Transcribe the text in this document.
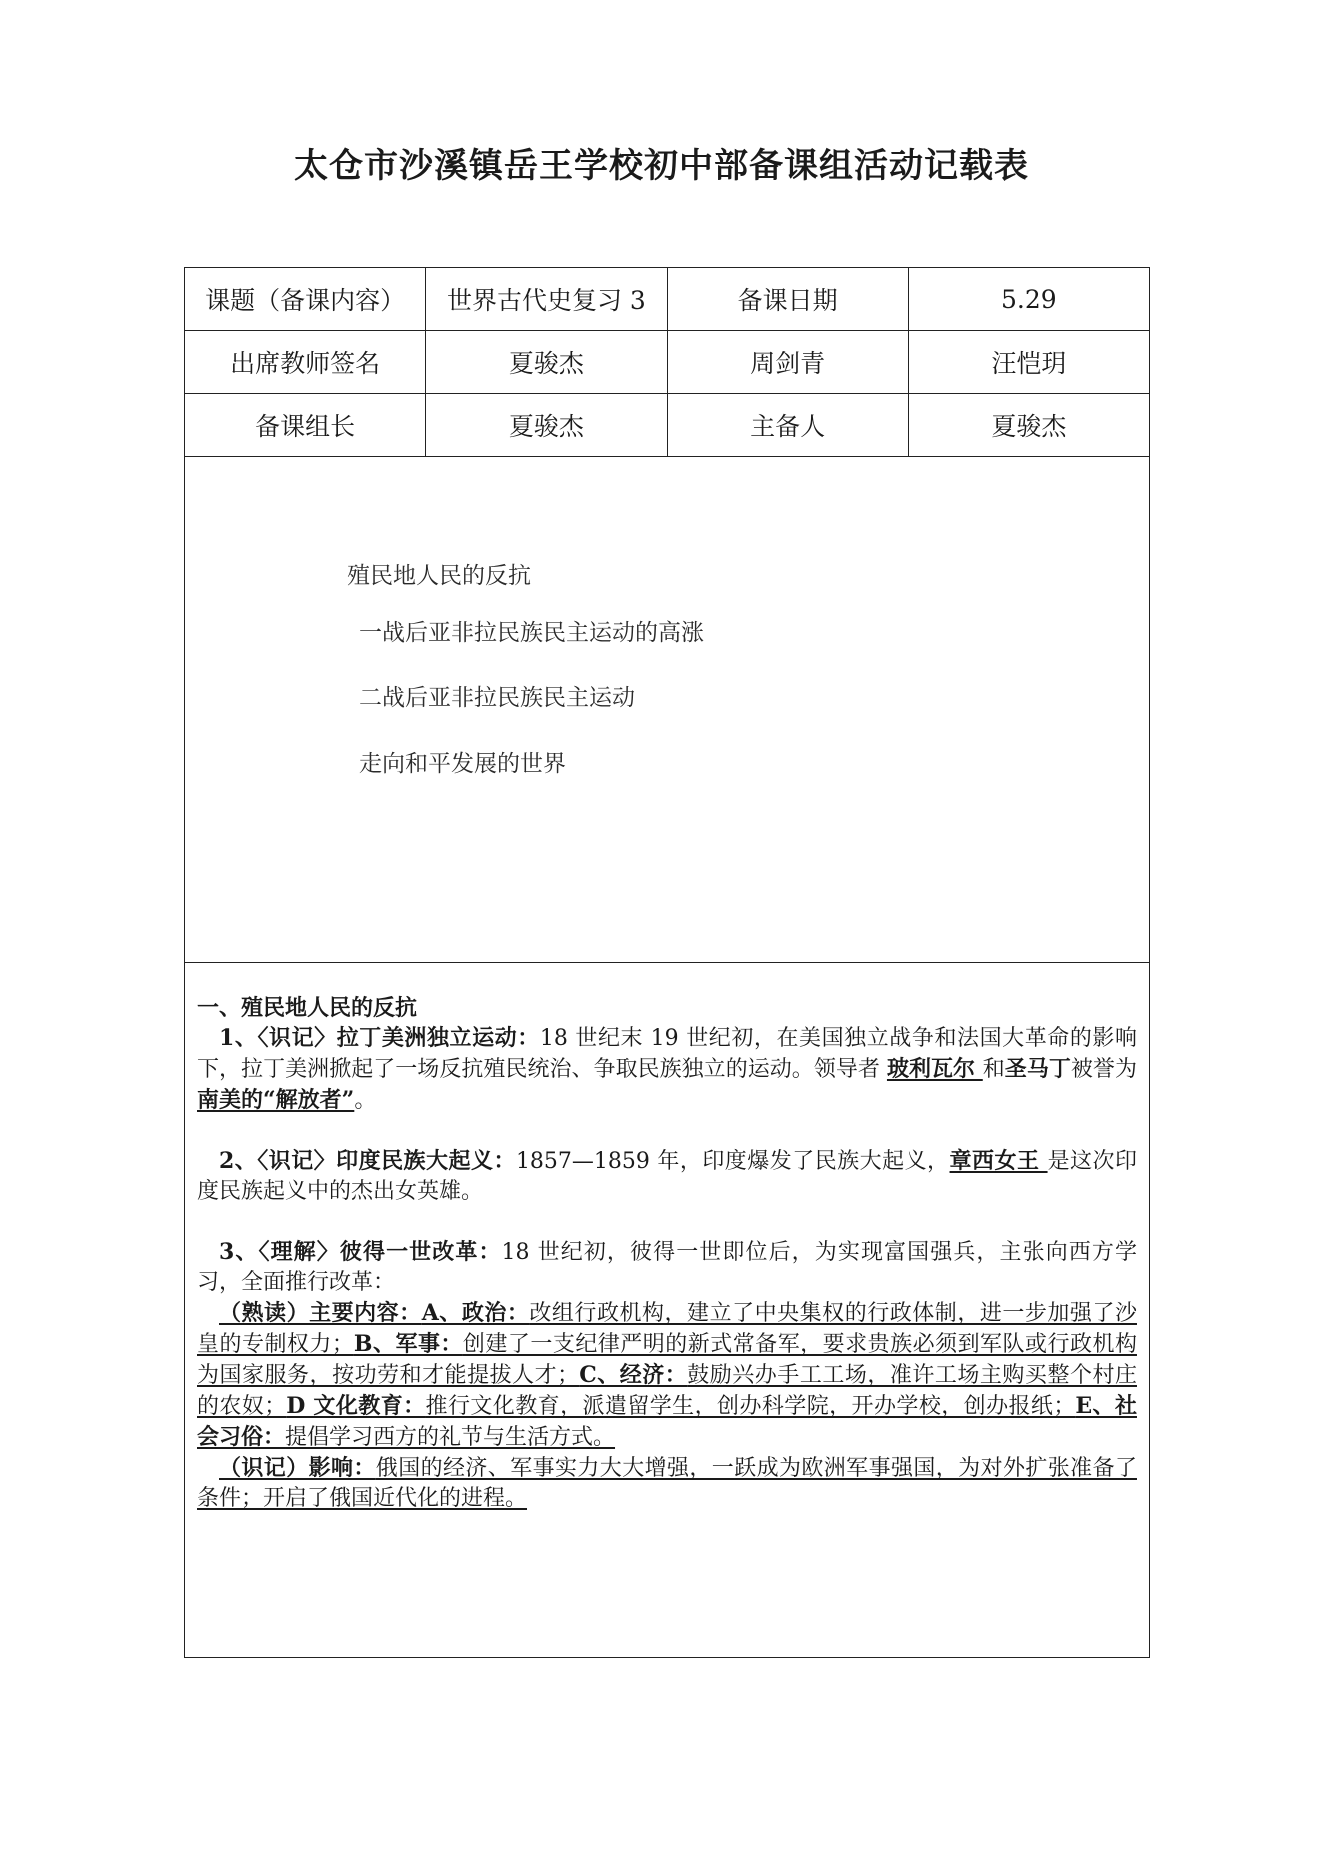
太仓市沙溪镇岳王学校初中部备课组活动记载表
课题（备课内容）	世界古代史复习 3	备课日期	5.29
出席教师签名	夏骏杰	周剑青	汪恺玥
备课组长	夏骏杰	主备人	夏骏杰
殖民地人民的反抗
一战后亚非拉民族民主运动的高涨
二战后亚非拉民族民主运动
走向和平发展的世界

一、殖民地人民的反抗

1、〈识记〉拉丁美洲独立运动：18 世纪末 19 世纪初，在美国独立战争和法国大革命的影响下，拉丁美洲掀起了一场反抗殖民统治、争取民族独立的运动。领导者 玻利瓦尔 和圣马丁被誉为南美的“解放者”。

2、〈识记〉印度民族大起义：1857—1859 年，印度爆发了民族大起义，章西女王 是这次印度民族起义中的杰出女英雄。

3、〈理解〉彼得一世改革：18 世纪初，彼得一世即位后，为实现富国强兵，主张向西方学习，全面推行改革：

（熟读）主要内容：A、政治：改组行政机构，建立了中央集权的行政体制，进一步加强了沙皇的专制权力；B、军事：创建了一支纪律严明的新式常备军，要求贵族必须到军队或行政机构为国家服务，按功劳和才能提拔人才；C、经济：鼓励兴办手工工场，准许工场主购买整个村庄的农奴；D 文化教育：推行文化教育，派遣留学生，创办科学院，开办学校，创办报纸；E、社会习俗：提倡学习西方的礼节与生活方式。

（识记）影响：俄国的经济、军事实力大大增强，一跃成为欧洲军事强国，为对外扩张准备了条件；开启了俄国近代化的进程。
